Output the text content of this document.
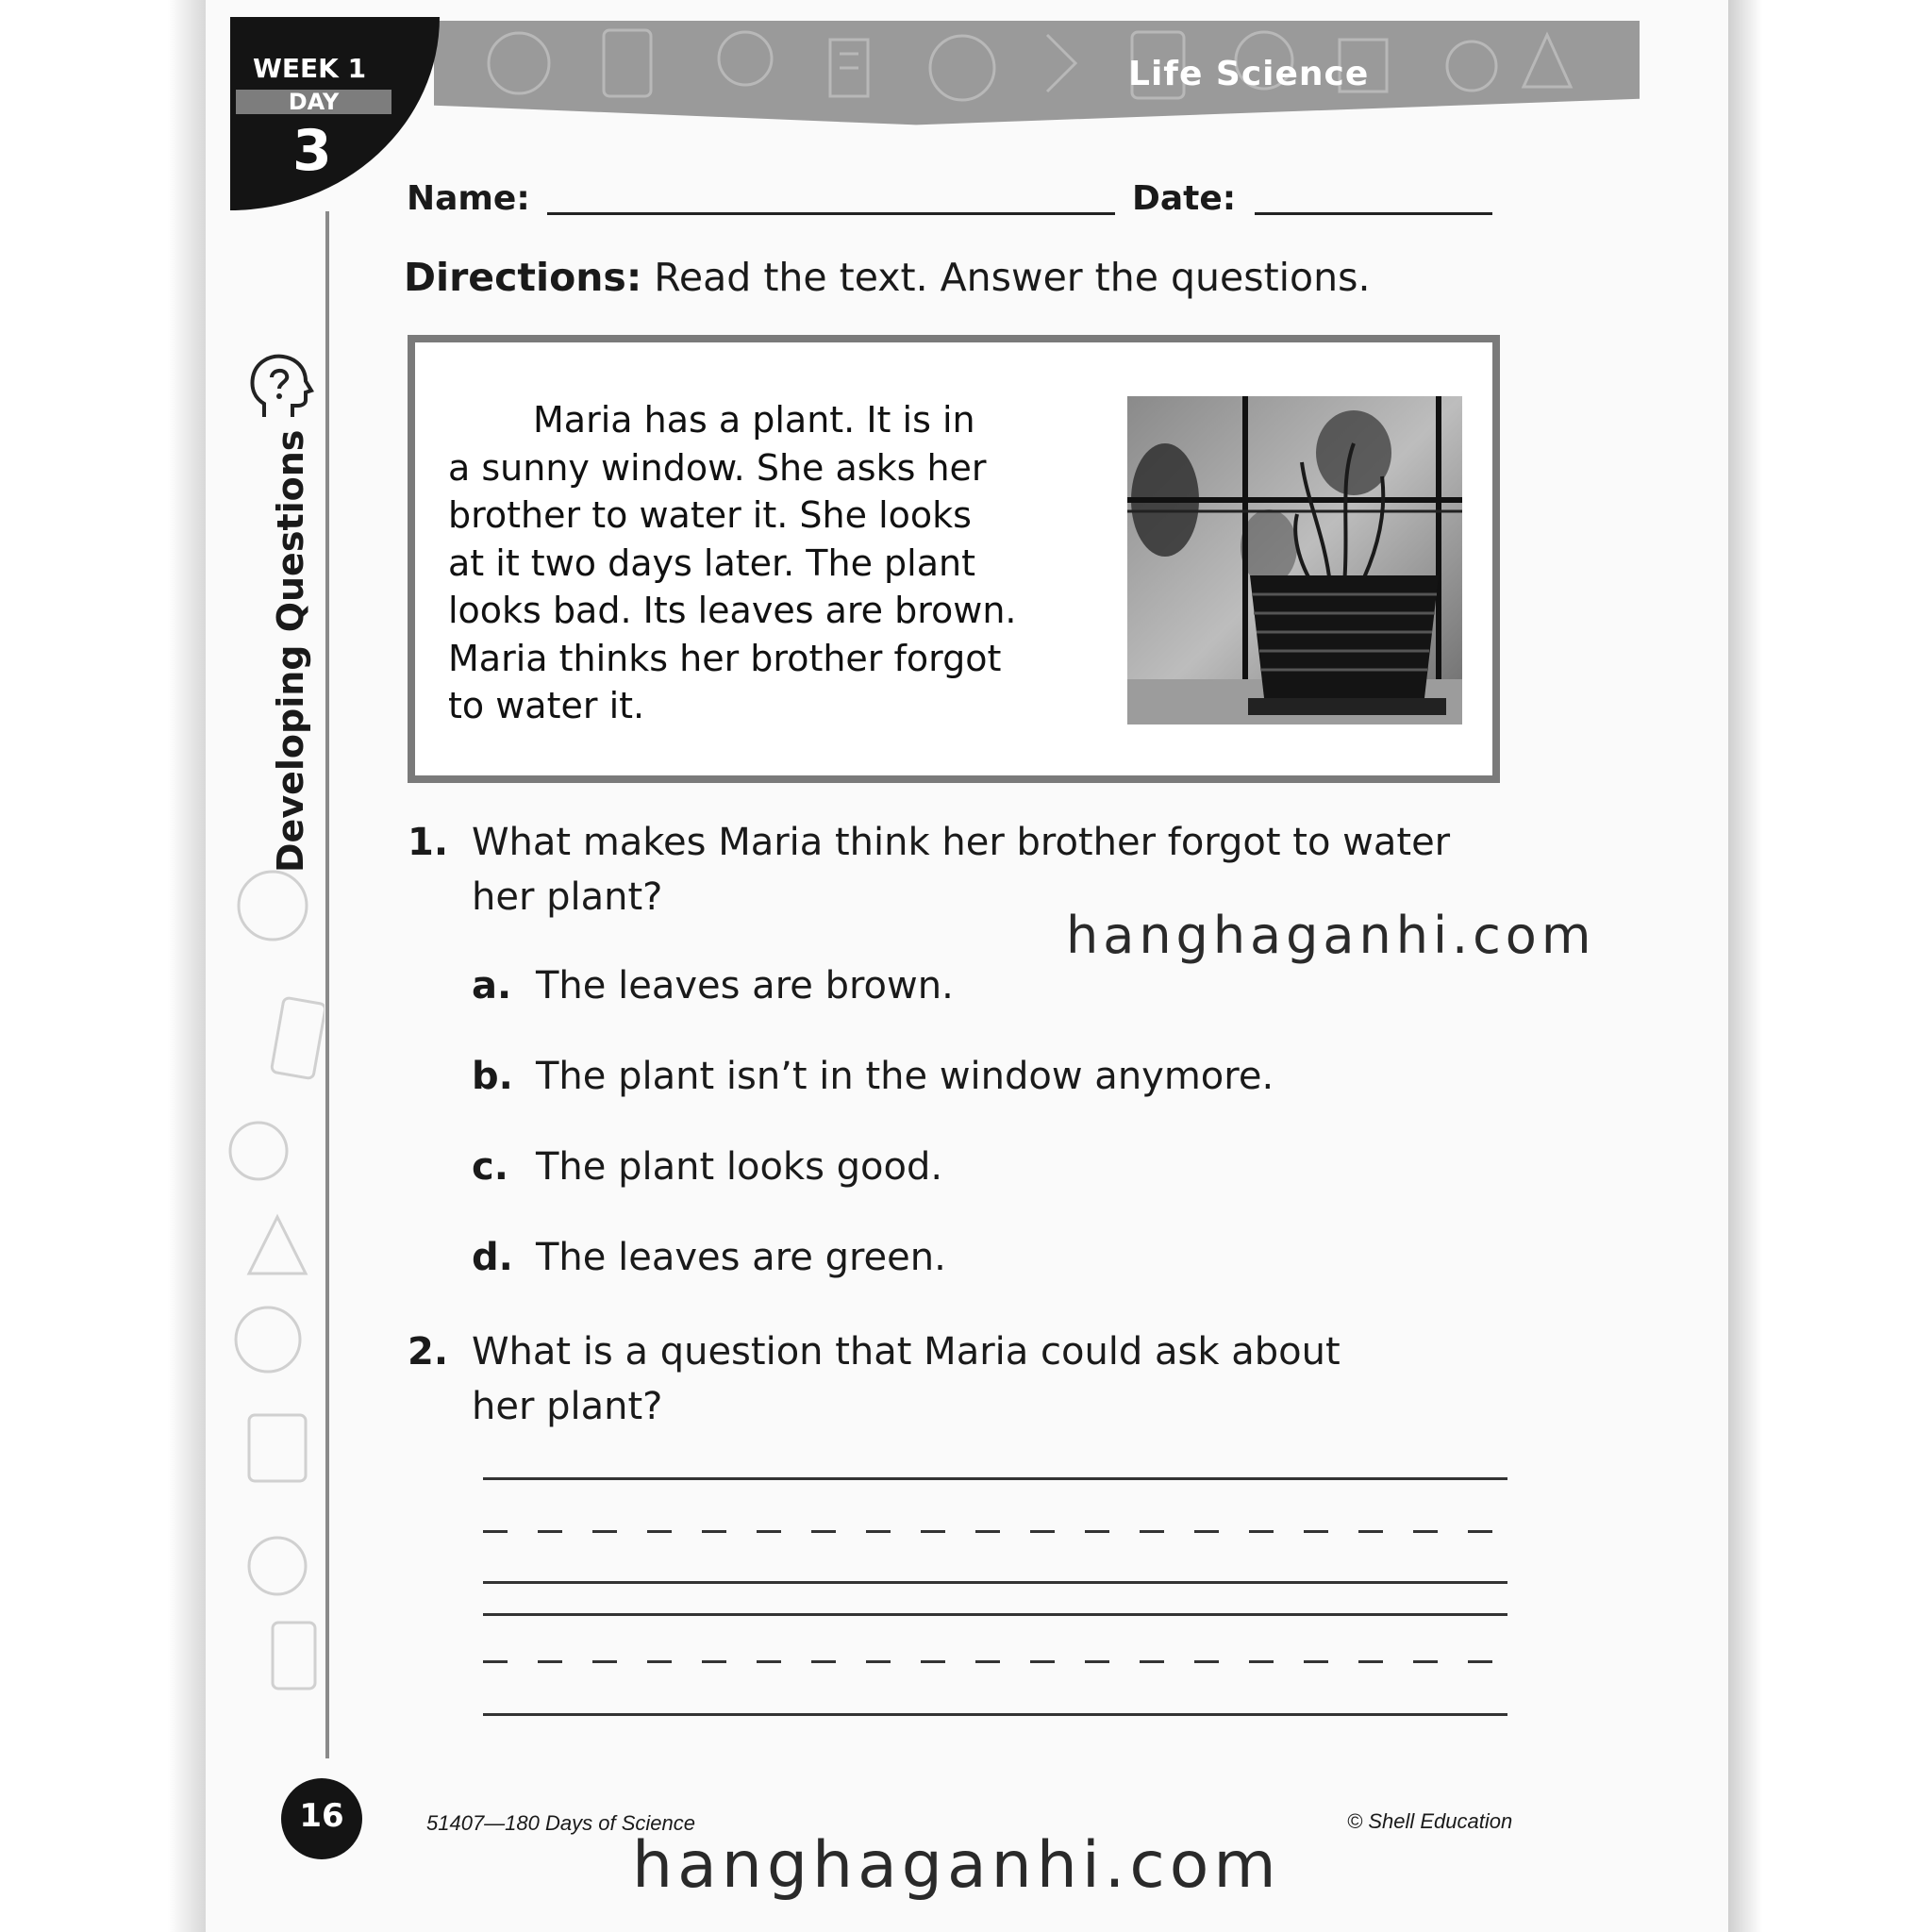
Life Science
WEEK 1
DAY
3
Developing Questions
Name:	Date:
Directions: Read the text. Answer the questions.
Maria has a plant. It is in
a sunny window. She asks her
brother to water it. She looks
at it two days later. The plant
looks bad. Its leaves are brown.
Maria thinks her brother forgot
to water it.
1. What makes Maria think her brother forgot to water
her plant?
a. The leaves are brown.
b. The plant isn’t in the window anymore.
c. The plant looks good.
d. The leaves are green.
2. What is a question that Maria could ask about
her plant?
16	51407—180 Days of Science	© Shell Education
hanghaganhi.com
hanghaganhi.com
